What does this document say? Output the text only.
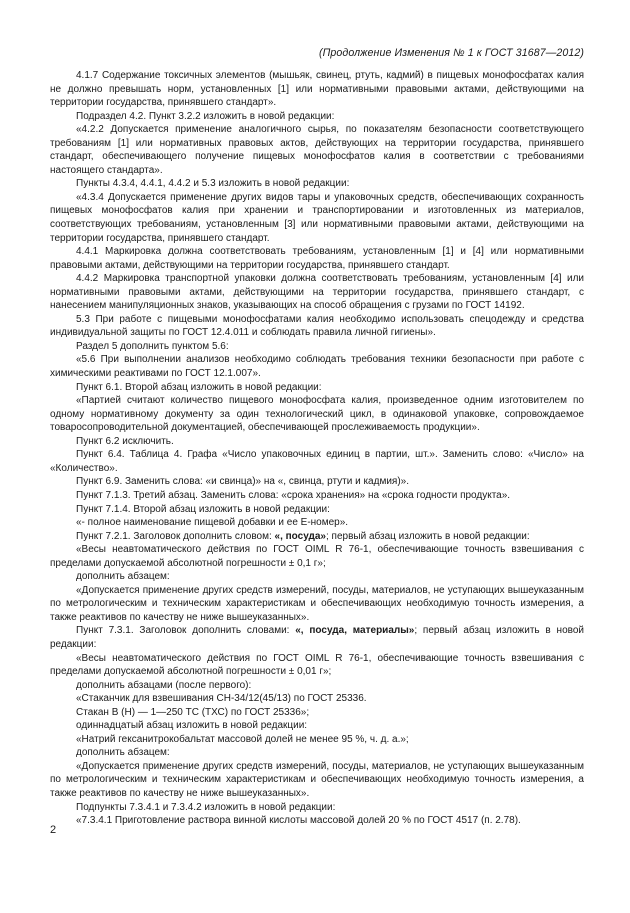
(Продолжение Изменения № 1 к ГОСТ 31687—2012)

4.1.7 Содержание токсичных элементов (мышьяк, свинец, ртуть, кадмий) в пищевых монофосфатах калия не должно превышать норм, установленных [1] или нормативными правовыми актами, действующими на территории государства, принявшего стандарт».

Подраздел 4.2. Пункт 3.2.2 изложить в новой редакции:

«4.2.2 Допускается применение аналогичного сырья, по показателям безопасности соответствующего требованиям [1] или нормативных правовых актов, действующих на территории государства, принявшего стандарт, обеспечивающего получение пищевых монофосфатов калия в соответствии с требованиями настоящего стандарта».

Пункты 4.3.4, 4.4.1, 4.4.2 и 5.3 изложить в новой редакции:

«4.3.4 Допускается применение других видов тары и упаковочных средств, обеспечивающих сохранность пищевых монофосфатов калия при хранении и транспортировании и изготовленных из материалов, соответствующих требованиям, установленным [3] или нормативными правовыми актами, действующими на территории государства, принявшего стандарт.

4.4.1 Маркировка должна соответствовать требованиям, установленным [1] и [4] или нормативными правовыми актами, действующими на территории государства, принявшего стандарт.

4.4.2 Маркировка транспортной упаковки должна соответствовать требованиям, установленным [4] или нормативными правовыми актами, действующими на территории государства, принявшего стандарт, с нанесением манипуляционных знаков, указывающих на способ обращения с грузами по ГОСТ 14192.

5.3 При работе с пищевыми монофосфатами калия необходимо использовать спецодежду и средства индивидуальной защиты по ГОСТ 12.4.011 и соблюдать правила личной гигиены».

Раздел 5 дополнить пунктом 5.6:

«5.6 При выполнении анализов необходимо соблюдать требования техники безопасности при работе с химическими реактивами по ГОСТ 12.1.007».

Пункт 6.1. Второй абзац изложить в новой редакции:

«Партией считают количество пищевого монофосфата калия, произведенное одним изготовителем по одному нормативному документу за один технологический цикл, в одинаковой упаковке, сопровождаемое товаросопроводительной документацией, обеспечивающей прослеживаемость продукции».

Пункт 6.2 исключить.

Пункт 6.4. Таблица 4. Графа «Число упаковочных единиц в партии, шт.». Заменить слово: «Число» на «Количество».

Пункт 6.9. Заменить слова: «и свинца)» на «, свинца, ртути и кадмия)».

Пункт 7.1.3. Третий абзац. Заменить слова: «срока хранения» на «срока годности продукта».

Пункт 7.1.4. Второй абзац изложить в новой редакции:

«- полное наименование пищевой добавки и ее Е-номер».

Пункт 7.2.1. Заголовок дополнить словом: «, посуда»; первый абзац изложить в новой редакции:

«Весы неавтоматического действия по ГОСТ OIML R 76-1, обеспечивающие точность взвешивания с пределами допускаемой абсолютной погрешности ± 0,1 г»;

дополнить абзацем:

«Допускается применение других средств измерений, посуды, материалов, не уступающих вышеуказанным по метрологическим и техническим характеристикам и обеспечивающих необходимую точность измерения, а также реактивов по качеству не ниже вышеуказанных».

Пункт 7.3.1. Заголовок дополнить словами: «, посуда, материалы»; первый абзац изложить в новой редакции:

«Весы неавтоматического действия по ГОСТ OIML R 76-1, обеспечивающие точность взвешивания с пределами допускаемой абсолютной погрешности ± 0,01 г»;

дополнить абзацами (после первого):

«Стаканчик для взвешивания СН-34/12(45/13) по ГОСТ 25336.

Стакан В (Н) — 1—250 ТС (ТХС) по ГОСТ 25336»;

одиннадцатый абзац изложить в новой редакции:

«Натрий гексанитрокобальтат массовой долей не менее 95 %, ч. д. а.»;

дополнить абзацем:

«Допускается применение других средств измерений, посуды, материалов, не уступающих вышеуказанным по метрологическим и техническим характеристикам и обеспечивающих необходимую точность измерения, а также реактивов по качеству не ниже вышеуказанных».

Подпункты 7.3.4.1 и 7.3.4.2 изложить в новой редакции:

«7.3.4.1 Приготовление раствора винной кислоты массовой долей 20 % по ГОСТ 4517 (п. 2.78).

2
